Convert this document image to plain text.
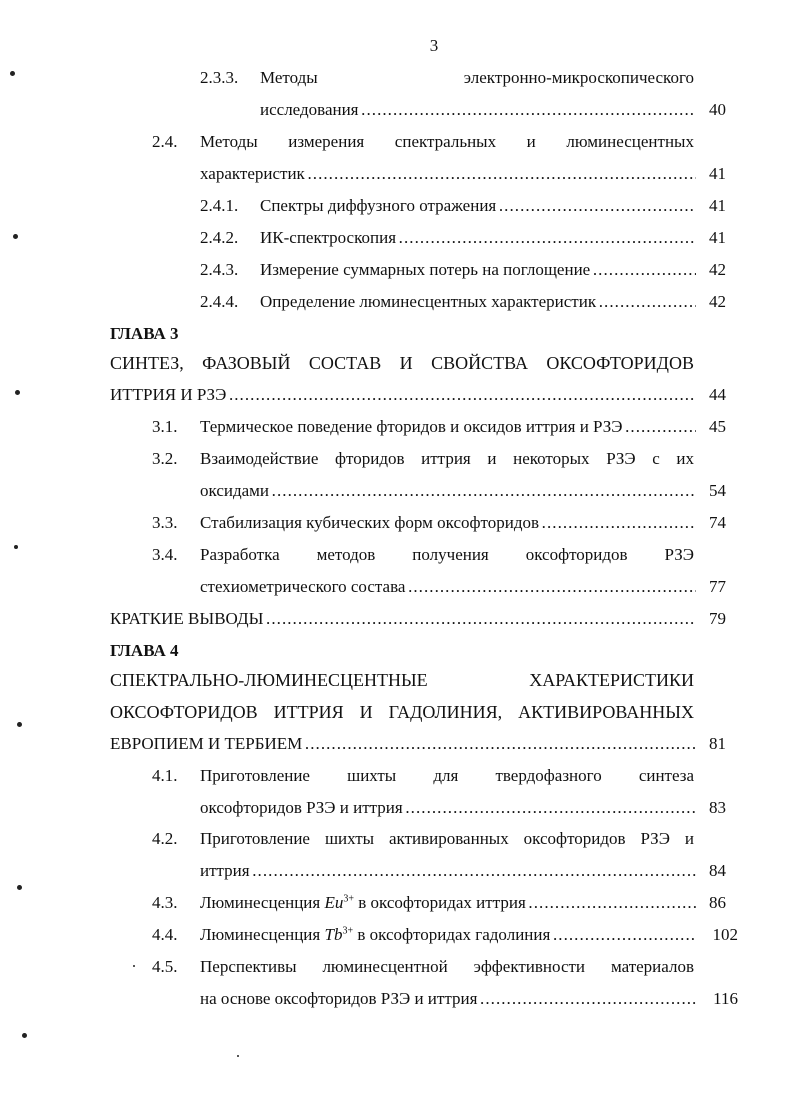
3
2.3.3. Методы	электронно-микроскопического
исследования . . .	40
2.4. Методы измерения спектральных и люминесцентных
характеристик . . .	41
2.4.1. Спектры диффузного отражения . . .	41
2.4.2. ИК-спектроскопия . . .	41
2.4.3. Измерение суммарных потерь на поглощение . . .	42
2.4.4. Определение люминесцентных характеристик . . .	42
ГЛАВА 3
СИНТЕЗ, ФАЗОВЫЙ СОСТАВ И СВОЙСТВА ОКСОФТОРИДОВ
ИТТРИЯ И РЗЭ . . .	44
3.1. Термическое поведение фторидов и оксидов иттрия и РЗЭ . . .	45
3.2. Взаимодействие фторидов иттрия и некоторых РЗЭ с их
оксидами . . .	54
3.3. Стабилизация кубических форм оксофторидов . . .	74
3.4. Разработка методов получения оксофторидов РЗЭ
стехиометрического состава . . .	77
КРАТКИЕ ВЫВОДЫ . . .	79
ГЛАВА 4
СПЕКТРАЛЬНО-ЛЮМИНЕСЦЕНТНЫЕ	ХАРАКТЕРИСТИКИ
ОКСОФТОРИДОВ ИТТРИЯ И ГАДОЛИНИЯ, АКТИВИРОВАННЫХ
ЕВРОПИЕМ И ТЕРБИЕМ . . .	81
4.1. Приготовление шихты для твердофазного синтеза
оксофторидов РЗЭ и иттрия . . .	83
4.2. Приготовление шихты активированных оксофторидов РЗЭ и
иттрия . . .	84
4.3. Люминесценция $Eu^{3+}$ в оксофторидах иттрия . . .	86
4.4. Люминесценция $Tb^{3+}$ в оксофторидах гадолиния . . .	102
4.5. Перспективы люминесцентной эффективности материалов
на основе оксофторидов РЗЭ и иттрия . . .	116
